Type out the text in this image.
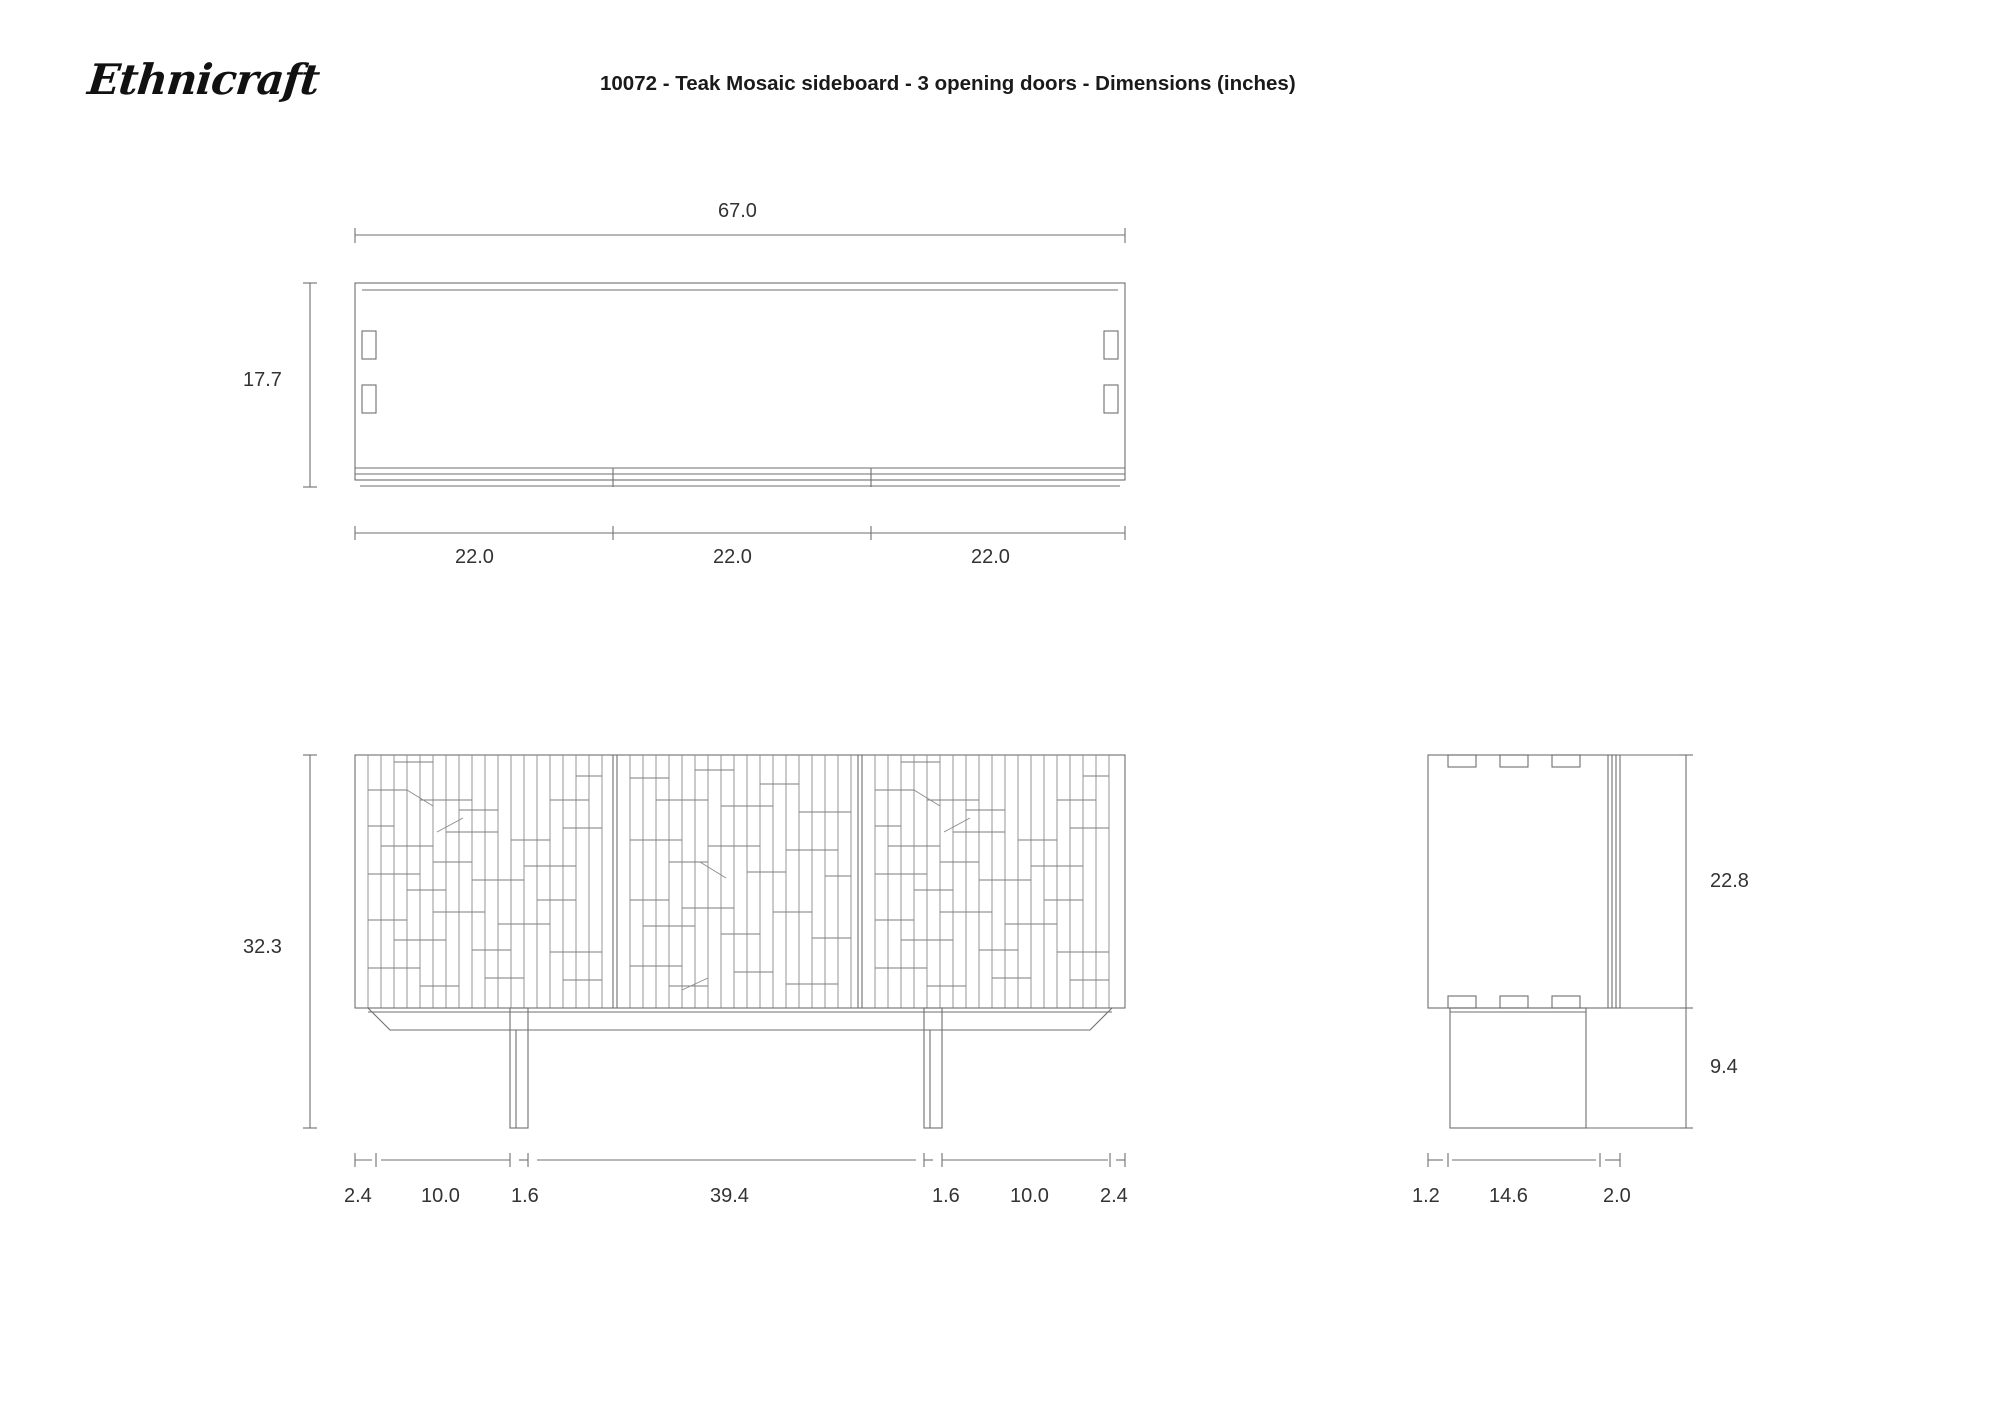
Ethnicraft	10072 - Teak Mosaic sideboard - 3 opening doors - Dimensions (inches)
67.0
17.7
22.0	22.0	22.0
32.3
2.4 10.0	1.6	39.4	1.6	10.0	2.4
22.8
9.4
1.2 14.6	2.0
